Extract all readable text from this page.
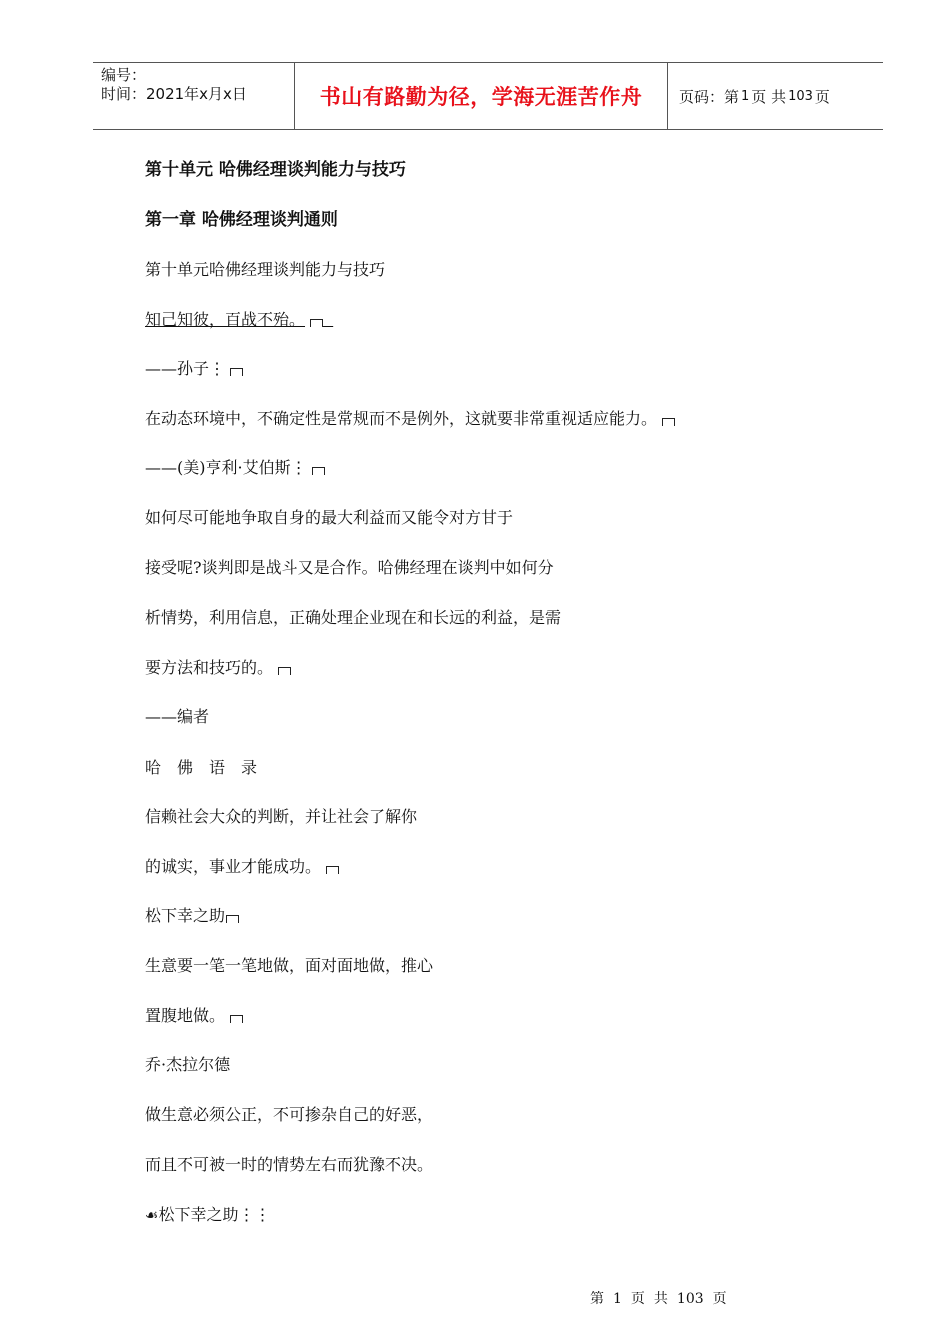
编号：
时间：2021年x月x日	书山有路勤为径，学海无涯苦作舟	页码：第 1 页 共 103 页
第十单元 哈佛经理谈判能力与技巧
第一章 哈佛经理谈判通则
第十单元哈佛经理谈判能力与技巧
知己知彼，百战不殆。
——孙子⋮
在动态环境中，不确定性是常规而不是例外，这就要非常重视适应能力。
——(美)亨利·艾伯斯⋮
如何尽可能地争取自身的最大利益而又能令对方甘于
接受呢?谈判即是战斗又是合作。哈佛经理在谈判中如何分
析情势，利用信息，正确处理企业现在和长远的利益，是需
要方法和技巧的。
——编者
哈佛语录
信赖社会大众的判断，并让社会了解你
的诚实，事业才能成功。
松下幸之助
生意要一笔一笔地做，面对面地做，推心
置腹地做。
乔·杰拉尔德
做生意必须公正，不可掺杂自己的好恶，
而且不可被一时的情势左右而犹豫不决。
☙松下幸之助⋮⋮
第 1 页 共 103 页
